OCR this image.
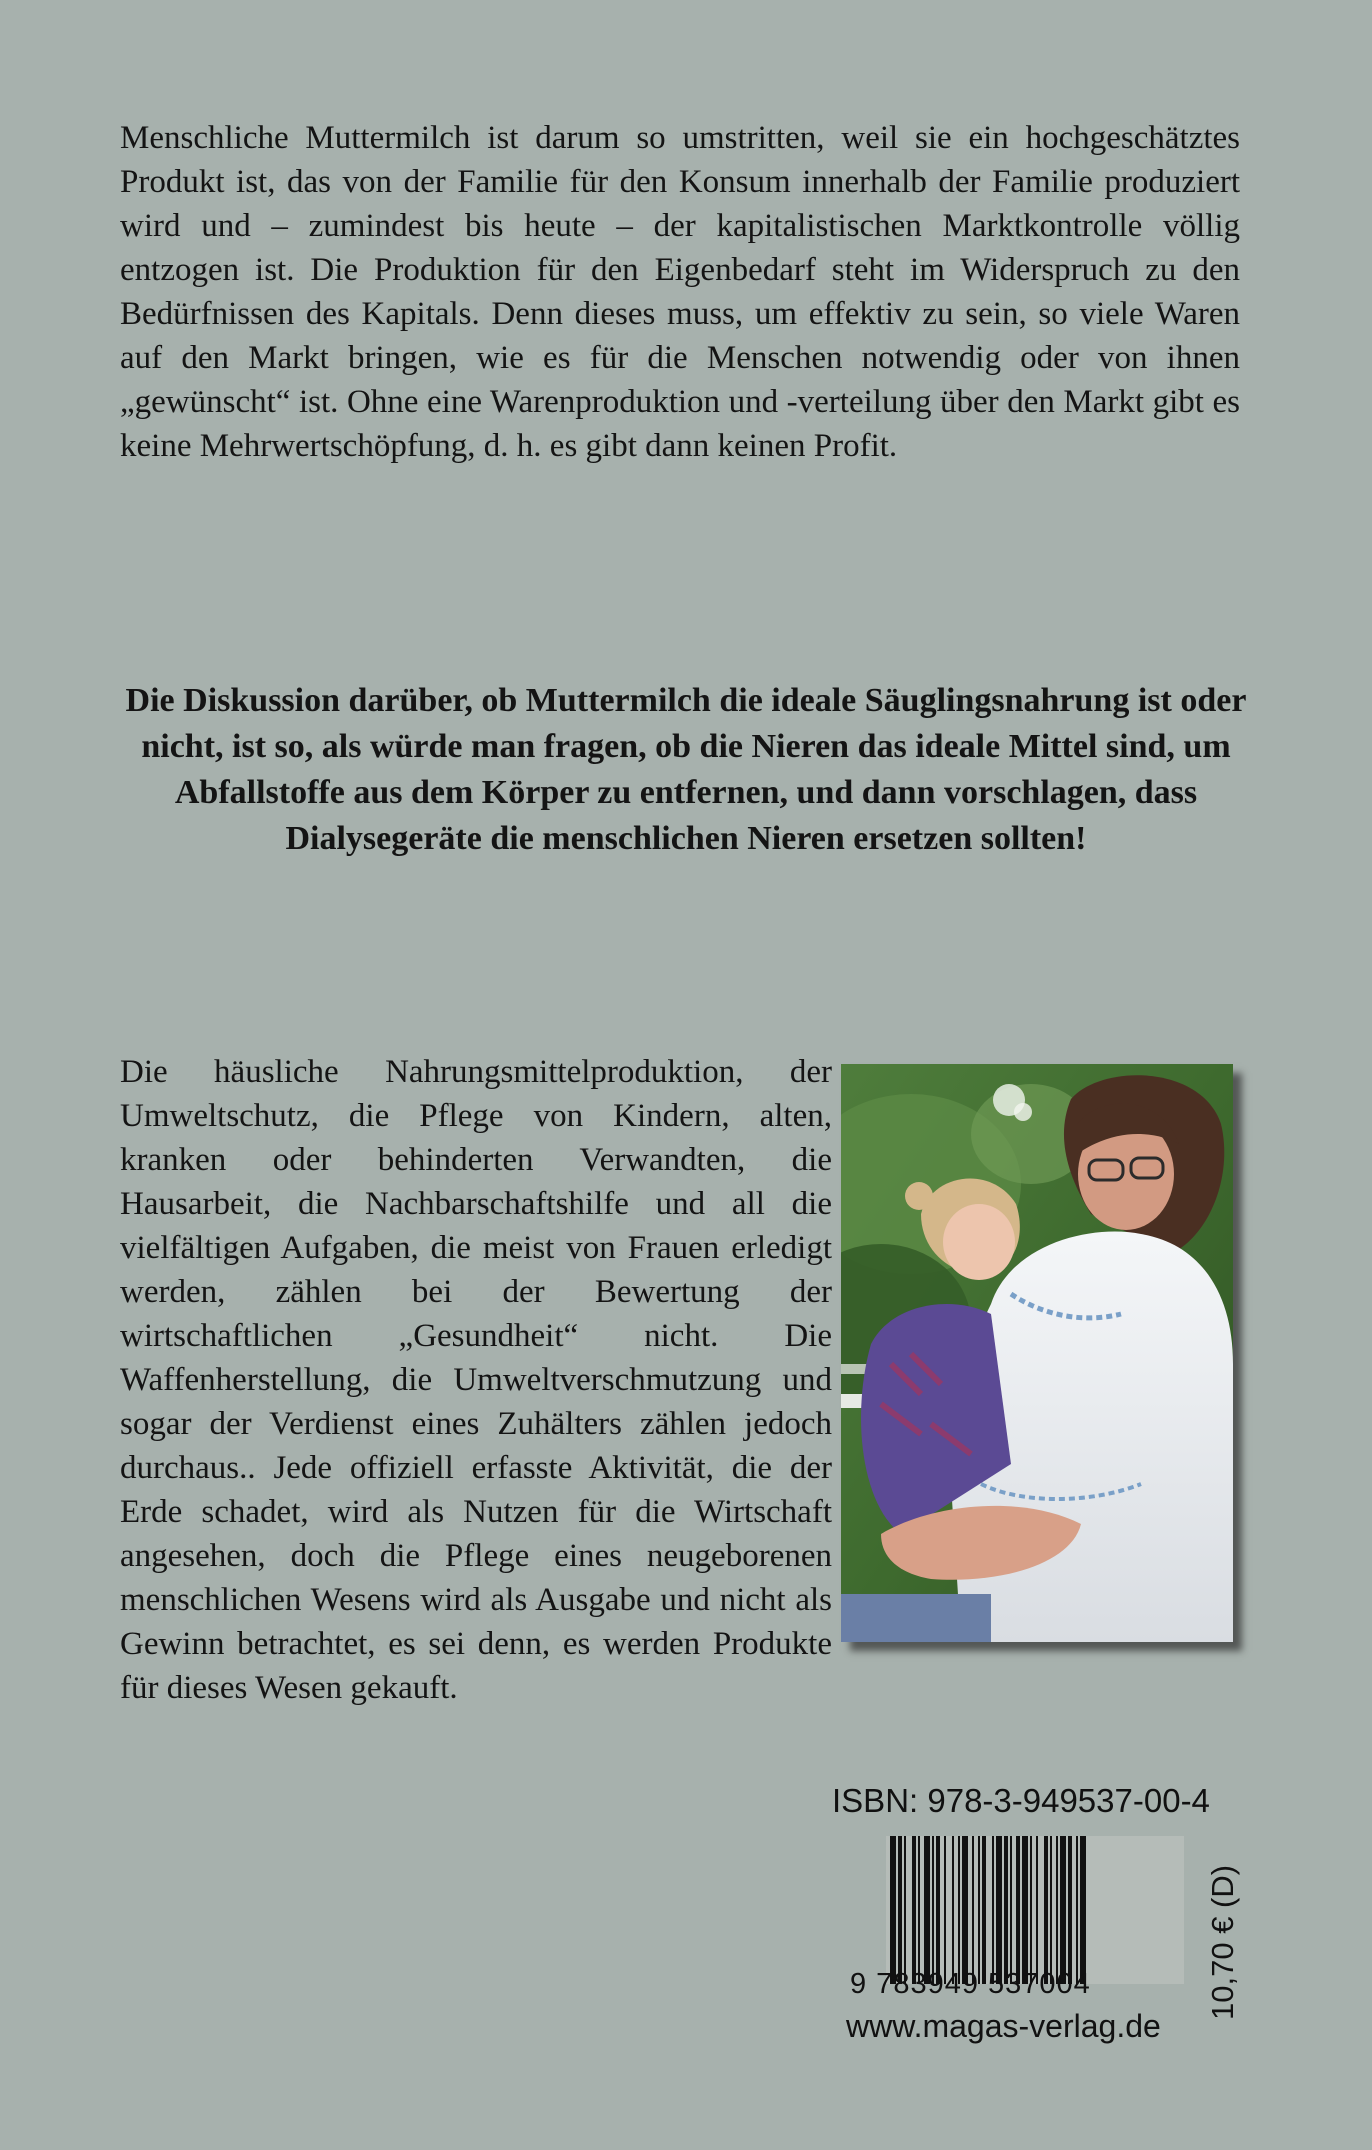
Menschliche Muttermilch ist darum so umstritten, weil sie ein hochgeschätztes Produkt ist, das von der Familie für den Konsum innerhalb der Familie produziert wird und – zumindest bis heute – der kapitalistischen Marktkontrolle völlig entzogen ist. Die Produktion für den Eigenbedarf steht im Widerspruch zu den Bedürfnissen des Kapitals. Denn dieses muss, um effektiv zu sein, so viele Waren auf den Markt bringen, wie es für die Menschen notwendig oder von ihnen „gewünscht“ ist. Ohne eine Warenproduktion und -verteilung über den Markt gibt es keine Mehrwertschöpfung, d. h. es gibt dann keinen Profit.

Die Diskussion darüber, ob Muttermilch die ideale Säuglingsnahrung ist oder nicht, ist so, als würde man fragen, ob die Nieren das ideale Mittel sind, um Abfallstoffe aus dem Körper zu entfernen, und dann vorschlagen, dass Dialysegeräte die menschlichen Nieren ersetzen sollten!

Die häusliche Nahrungsmittelproduktion, der Umweltschutz, die Pflege von Kindern, alten, kranken oder behinderten Verwandten, die Hausarbeit, die Nachbarschaftshilfe und all die vielfältigen Aufgaben, die meist von Frauen erledigt werden, zählen bei der Bewertung der wirtschaftlichen „Gesundheit“ nicht. Die Waffenherstellung, die Umweltverschmutzung und sogar der Verdienst eines Zuhälters zählen jedoch durchaus.. Jede offiziell erfasste Aktivität, die der Erde schadet, wird als Nutzen für die Wirtschaft angesehen, doch die Pflege eines neugeborenen menschlichen Wesens wird als Ausgabe und nicht als Gewinn betrachtet, es sei denn, es werden Produkte für dieses Wesen gekauft.

ISBN: 978-3-949537-00-4

9 783949 537004	10,70 € (D)

www.magas-verlag.de
